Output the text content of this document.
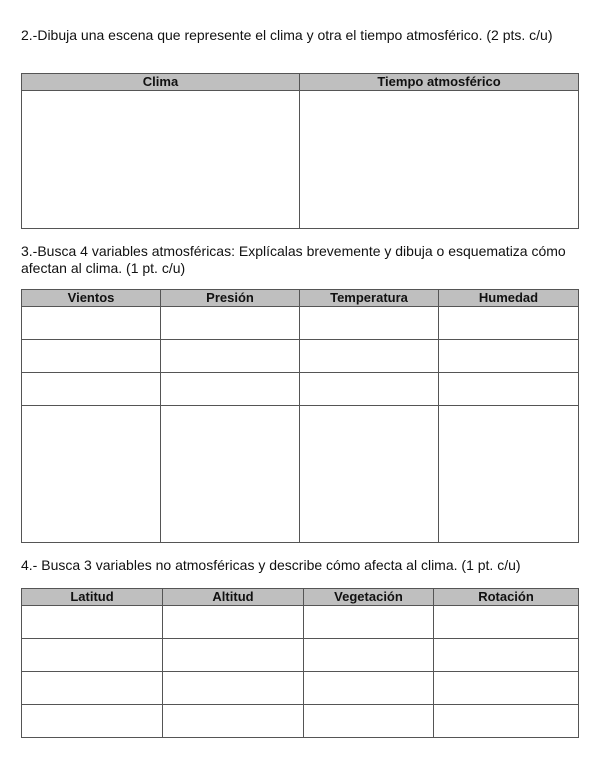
2.-Dibuja una escena que represente el clima y otra el tiempo atmosférico. (2 pts. c/u)

Clima	Tiempo atmosférico

3.-Busca 4 variables atmosféricas: Explícalas brevemente y dibuja o esquematiza cómo afectan al clima. (1 pt. c/u)

Vientos	Presión	Temperatura	Humedad

4.- Busca 3 variables no atmosféricas y describe cómo afecta al clima. (1 pt. c/u)

Latitud	Altitud	Vegetación	Rotación
